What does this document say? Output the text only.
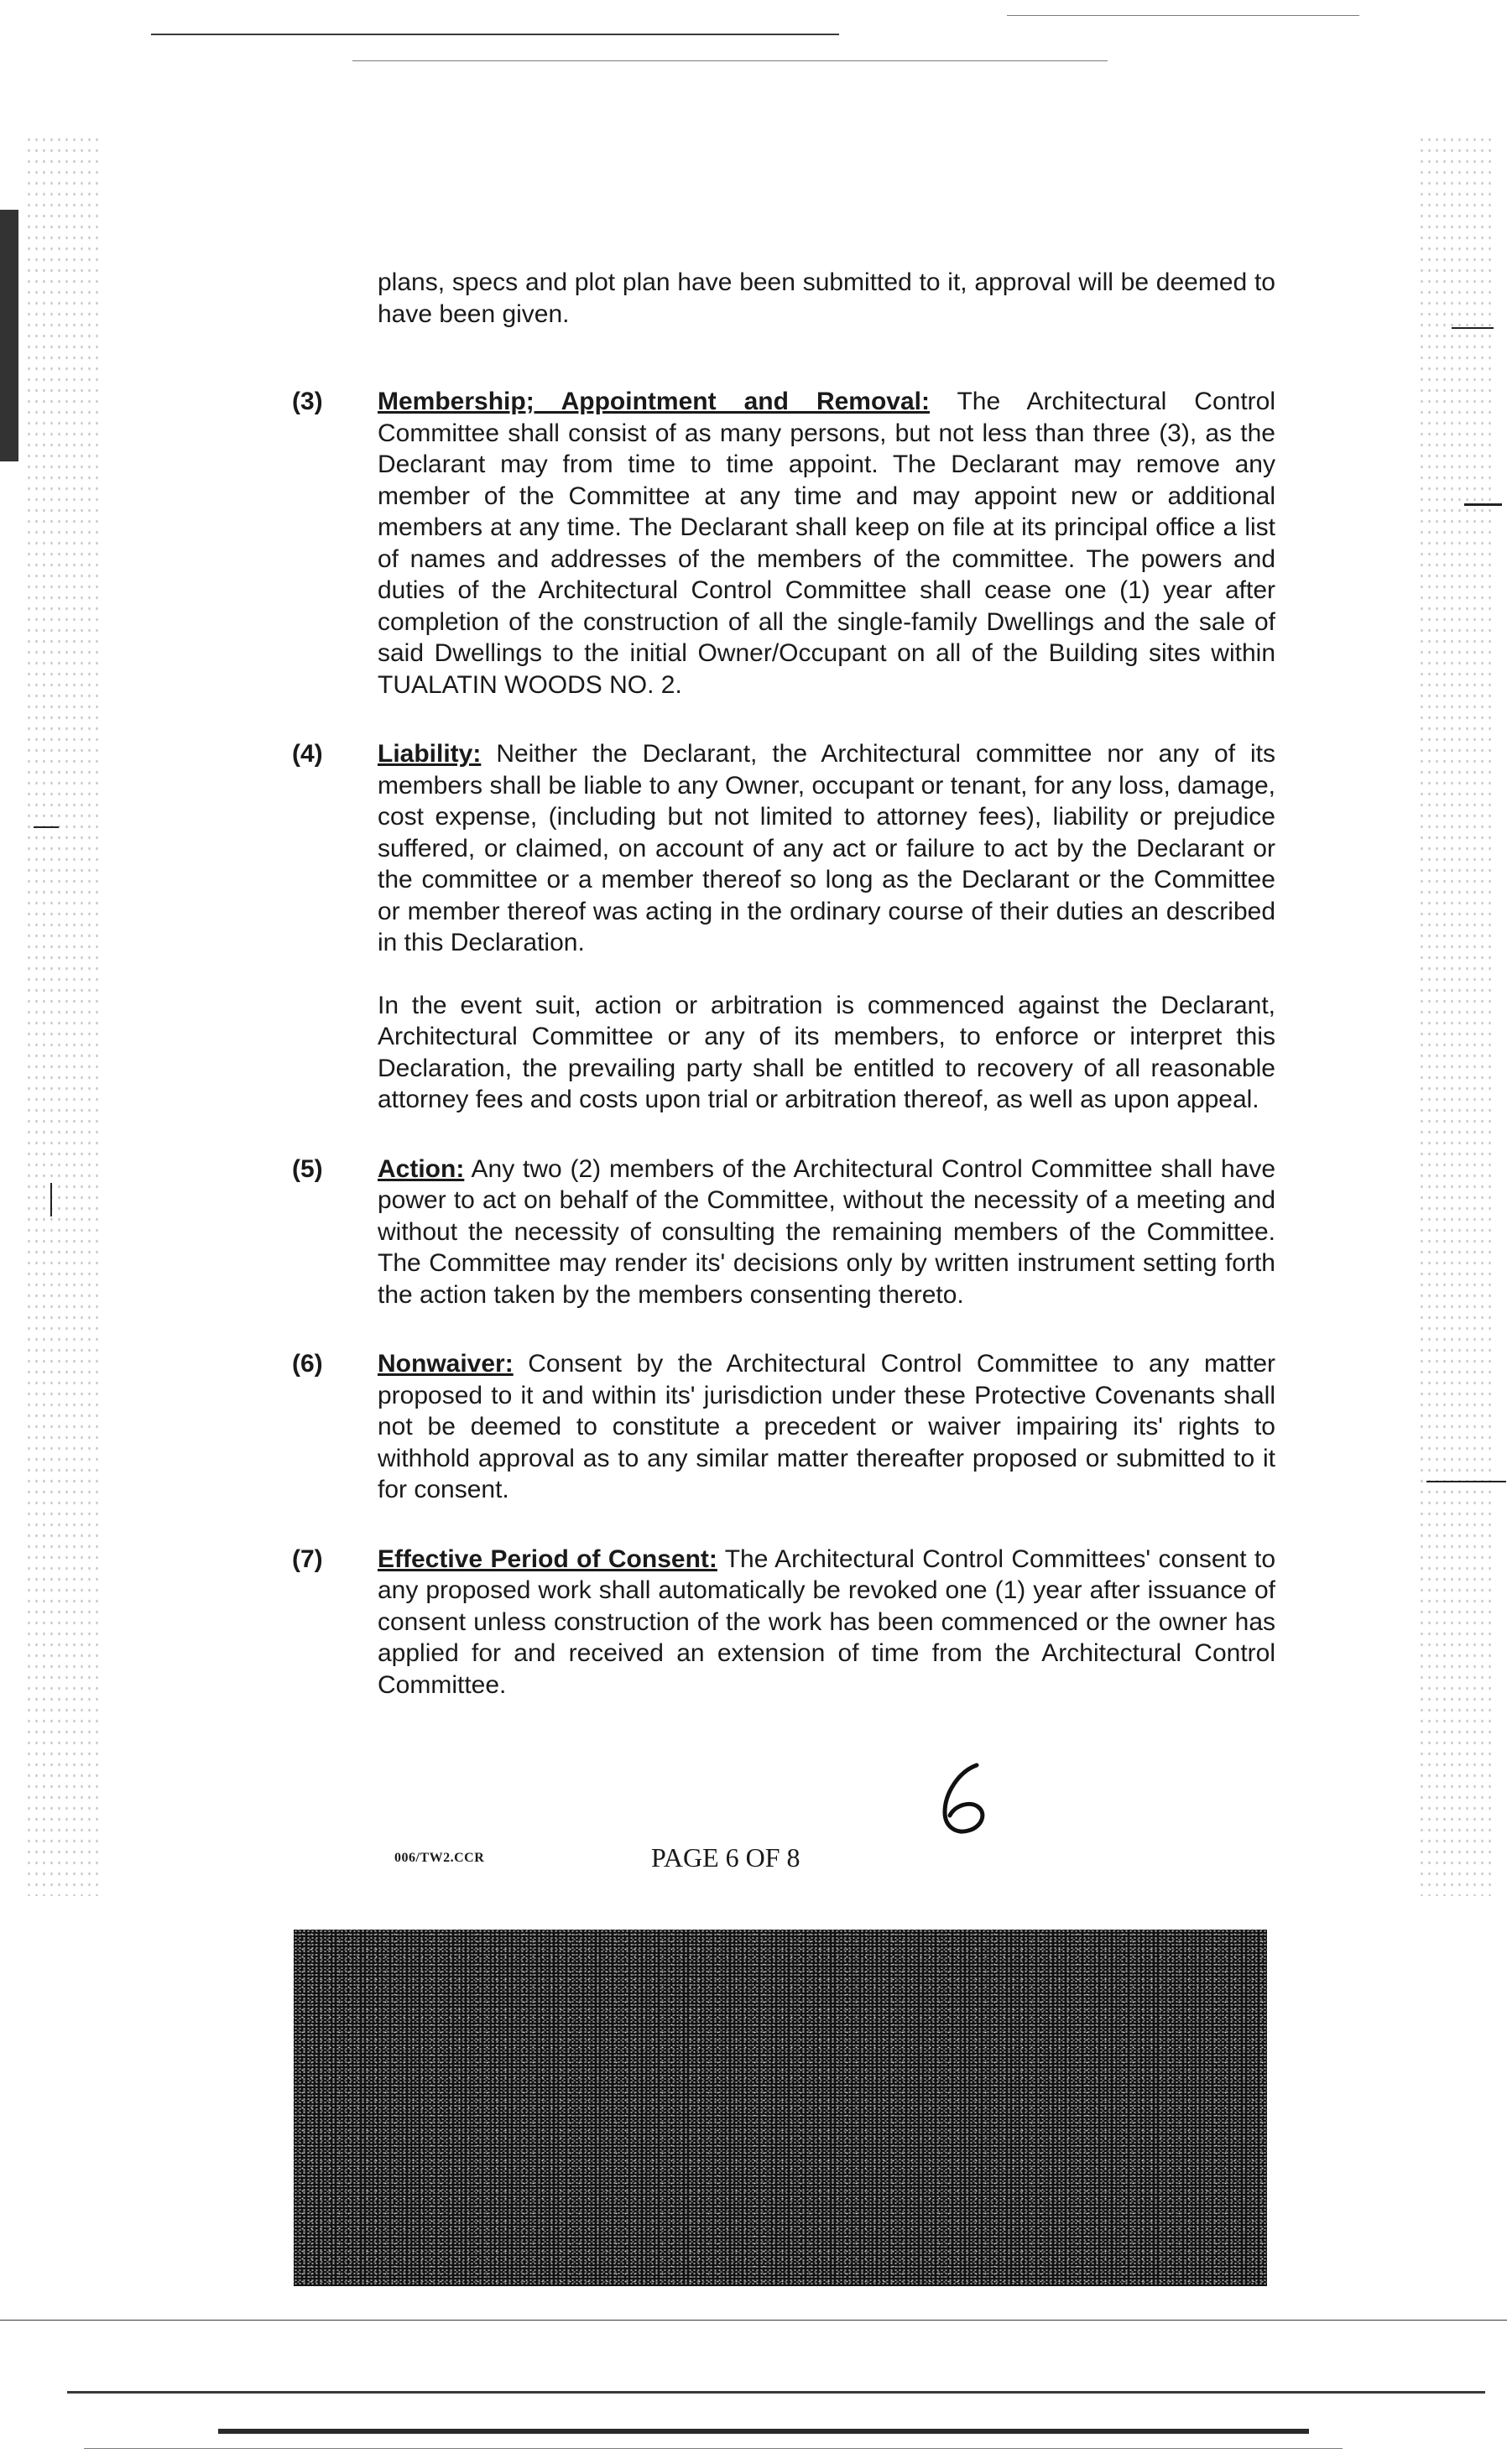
plans, specs and plot plan have been submitted to it, approval will be deemed to have been given.

(3)	Membership; Appointment and Removal: The Architectural Control Committee shall consist of as many persons, but not less than three (3), as the Declarant may from time to time appoint. The Declarant may remove any member of the Committee at any time and may appoint new or additional members at any time. The Declarant shall keep on file at its principal office a list of names and addresses of the members of the committee. The powers and duties of the Architectural Control Committee shall cease one (1) year after completion of the construction of all the single-family Dwellings and the sale of said Dwellings to the initial Owner/Occupant on all of the Building sites within TUALATIN WOODS NO. 2.
(4)	Liability: Neither the Declarant, the Architectural committee nor any of its members shall be liable to any Owner, occupant or tenant, for any loss, damage, cost expense, (including but not limited to attorney fees), liability or prejudice suffered, or claimed, on account of any act or failure to act by the Declarant or the committee or a member thereof so long as the Declarant or the Committee or member thereof was acting in the ordinary course of their duties an described in this Declaration.

In the event suit, action or arbitration is commenced against the Declarant, Architectural Committee or any of its members, to enforce or interpret this Declaration, the prevailing party shall be entitled to recovery of all reasonable attorney fees and costs upon trial or arbitration thereof, as well as upon appeal.

(5)	Action: Any two (2) members of the Architectural Control Committee shall have power to act on behalf of the Committee, without the necessity of a meeting and without the necessity of consulting the remaining members of the Committee. The Committee may render its' decisions only by written instrument setting forth the action taken by the members consenting thereto.
(6)	Nonwaiver: Consent by the Architectural Control Committee to any matter proposed to it and within its' jurisdiction under these Protective Covenants shall not be deemed to constitute a precedent or waiver impairing its' rights to withhold approval as to any similar matter thereafter proposed or submitted to it for consent.
(7)	Effective Period of Consent: The Architectural Control Committees' consent to any proposed work shall automatically be revoked one (1) year after issuance of consent unless construction of the work has been commenced or the owner has applied for and received an extension of time from the Architectural Control Committee.
6
006/TW2.CCR	PAGE 6 OF 8
